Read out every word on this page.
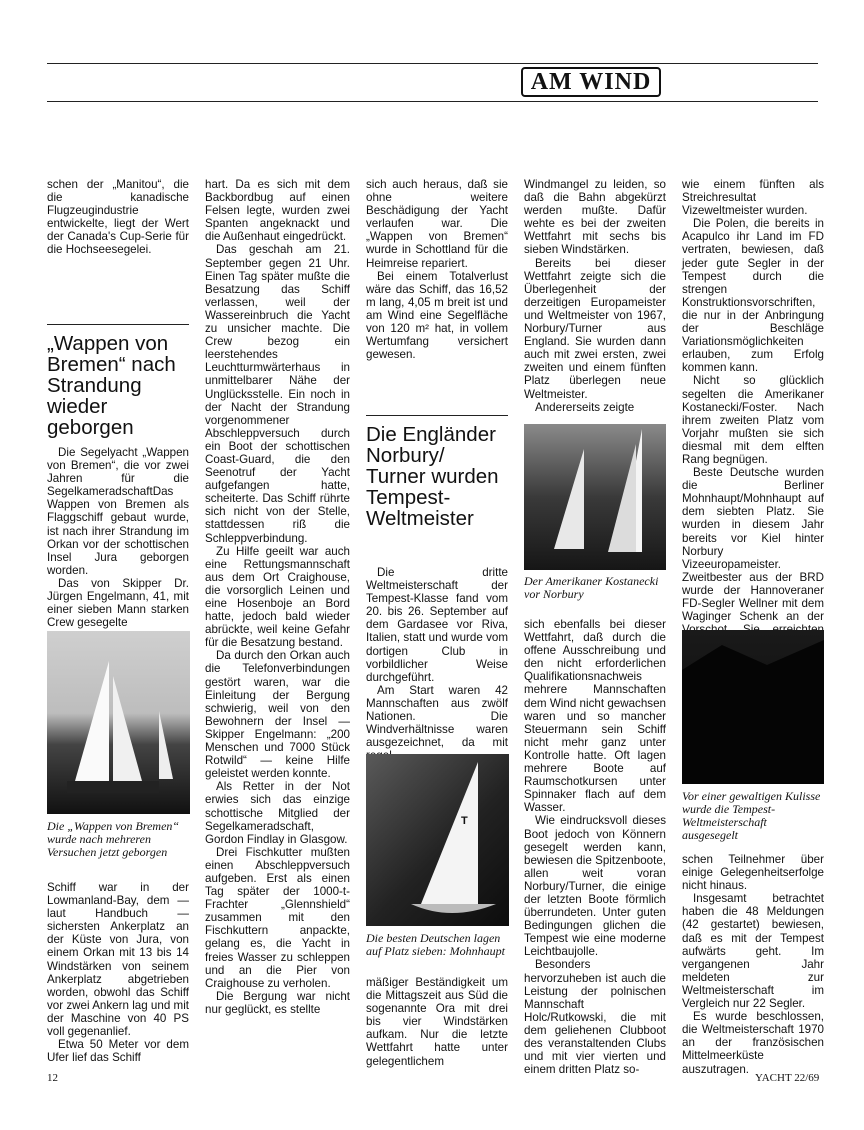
AM WIND

schen der „Manitou“, die die kanadische Flugzeugindustrie entwickelte, liegt der Wert der Canada's Cup-Serie für die Hochseesegelei.

„Wappen von Bremen“ nach Strandung wieder geborgen

Die Segelyacht „Wappen von Bremen“, die vor zwei Jahren für die SegelkameradschaftDas Wappen von Bremen als Flaggschiff gebaut wurde, ist nach ihrer Strandung im Orkan vor der schottischen Insel Jura geborgen worden.

Das von Skipper Dr. Jürgen Engelmann, 41, mit einer sieben Mann starken Crew gesegelte

Die „Wappen von Bremen“ wurde nach mehreren Versuchen jetzt geborgen

Schiff war in der Lowmanland-Bay, dem — laut Handbuch — sichersten Ankerplatz an der Küste von Jura, von einem Orkan mit 13 bis 14 Windstärken von seinem Ankerplatz abgetrieben worden, obwohl das Schiff vor zwei Ankern lag und mit der Maschine von 40 PS voll gegenanlief.

Etwa 50 Meter vor dem Ufer lief das Schiff

hart. Da es sich mit dem Backbordbug auf einen Felsen legte, wurden zwei Spanten angeknackt und die Außenhaut eingedrückt.

Das geschah am 21. September gegen 21 Uhr. Einen Tag später mußte die Besatzung das Schiff verlassen, weil der Wassereinbruch die Yacht zu unsicher machte. Die Crew bezog ein leerstehendes Leuchtturmwärterhaus in unmittelbarer Nähe der Unglücksstelle. Ein noch in der Nacht der Strandung vorgenommener Abschleppversuch durch ein Boot der schottischen Coast-Guard, die den Seenotruf der Yacht aufgefangen hatte, scheiterte. Das Schiff rührte sich nicht von der Stelle, stattdessen riß die Schleppverbindung.

Zu Hilfe geeilt war auch eine Rettungsmannschaft aus dem Ort Craighouse, die vorsorglich Leinen und eine Hosenboje an Bord hatte, jedoch bald wieder abrückte, weil keine Gefahr für die Besatzung bestand.

Da durch den Orkan auch die Telefonverbindungen gestört waren, war die Einleitung der Bergung schwierig, weil von den Bewohnern der Insel — Skipper Engelmann: „200 Menschen und 7000 Stück Rotwild“ — keine Hilfe geleistet werden konnte.

Als Retter in der Not erwies sich das einzige schottische Mitglied der Segelkameradschaft, Gordon Findlay in Glasgow.

Drei Fischkutter mußten einen Abschleppversuch aufgeben. Erst als einen Tag später der 1000-t-Frachter „Glennshield“ zusammen mit den Fischkuttern anpackte, gelang es, die Yacht in freies Wasser zu schleppen und an die Pier von Craighouse zu verholen.

Die Bergung war nicht nur geglückt, es stellte

sich auch heraus, daß sie ohne weitere Beschädigung der Yacht verlaufen war. Die „Wappen von Bremen“ wurde in Schottland für die Heimreise repariert.

Bei einem Totalverlust wäre das Schiff, das 16,52 m lang, 4,05 m breit ist und am Wind eine Segelfläche von 120 m² hat, in vollem Wertumfang versichert gewesen.

Die Engländer Norbury/ Turner wurden Tempest-Weltmeister

Die dritte Weltmeisterschaft der Tempest-Klasse fand vom 20. bis 26. September auf dem Gardasee vor Riva, Italien, statt und wurde vom dortigen Club in vorbildlicher Weise durchgeführt.

Am Start waren 42 Mannschaften aus zwölf Nationen. Die Windverhältnisse waren ausgezeichnet, da mit

T
Die besten Deutschen lagen auf Platz sieben: Mohnhaupt

mäßiger Beständigkeit um die Mittagszeit aus Süd die sogenannte Ora mit drei bis vier Windstärken aufkam. Nur die letzte Wettfahrt hatte unter gelegentlichem

Windmangel zu leiden, so daß die Bahn abgekürzt werden mußte. Dafür wehte es bei der zweiten Wettfahrt mit sechs bis sieben Windstärken.

Bereits bei dieser Wettfahrt zeigte sich die Überlegenheit der derzeitigen Europameister und Weltmeister von 1967, Norbury/Turner aus England. Sie wurden dann auch mit zwei ersten, zwei zweiten und einem fünften Platz überlegen neue Weltmeister.

Andererseits zeigte

Der Amerikaner Kostanecki vor Norbury

sich ebenfalls bei dieser Wettfahrt, daß durch die offene Ausschreibung und den nicht erforderlichen Qualifikationsnachweis mehrere Mannschaften dem Wind nicht gewachsen waren und so mancher Steuermann sein Schiff nicht mehr ganz unter Kontrolle hatte. Oft lagen mehrere Boote auf Raumschotkursen unter Spinnaker flach auf dem Wasser.

Wie eindrucksvoll dieses Boot jedoch von Könnern gesegelt werden kann, bewiesen die Spitzenboote, allen weit voran Norbury/Turner, die einige der letzten Boote förmlich überrundeten. Unter guten Bedingungen glichen die Tempest wie eine moderne Leichtbaujolle.

Besonders hervorzuheben ist auch die Leistung der polnischen Mannschaft Holc/Rutkowski, die mit dem geliehenen Clubboot des veranstaltenden Clubs und mit vier vierten und einem dritten Platz so-

wie einem fünften als Streichresultat Vizeweltmeister wurden.

Die Polen, die bereits in Acapulco ihr Land im FD vertraten, bewiesen, daß jeder gute Segler in der Tempest durch die strengen Konstruktionsvorschriften, die nur in der Anbringung der Beschläge Variationsmöglichkeiten erlauben, zum Erfolg kommen kann.

Nicht so glücklich segelten die Amerikaner Kostanecki/Foster. Nach ihrem zweiten Platz vom Vorjahr mußten sie sich diesmal mit dem elften Rang begnügen.

Beste Deutsche wurden die Berliner Mohnhaupt/Mohnhaupt auf dem siebten Platz. Sie wurden in diesem Jahr bereits vor Kiel hinter Norbury Vizeeuropameister. Zweitbester aus der BRD wurde der Hannoveraner FD-Segler Wellner mit dem Waginger Schenk an der

Vor einer gewaltigen Kulisse wurde die Tempest-Weltmeisterschaft ausgesegelt

schen Teilnehmer über einige Gelegenheitserfolge nicht hinaus.

Insgesamt betrachtet haben die 48 Meldungen (42 gestartet) bewiesen, daß es mit der Tempest aufwärts geht. Im vergangenen Jahr meldeten zur Weltmeisterschaft im Vergleich nur 22 Segler.

Es wurde beschlossen, die Weltmeisterschaft 1970 an der französischen Mittelmeerküste auszutragen.

12	YACHT 22/69
